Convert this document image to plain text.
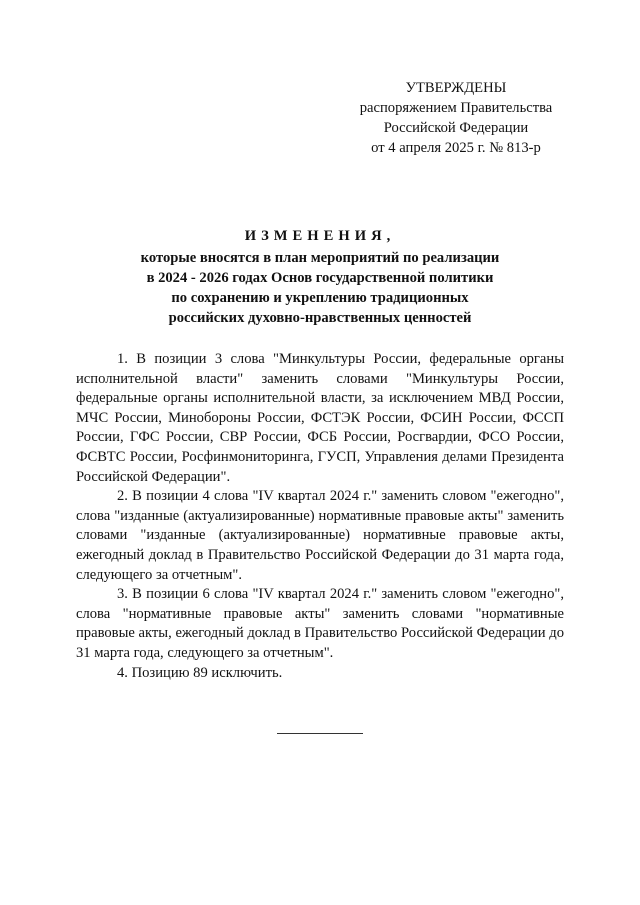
УТВЕРЖДЕНЫ
распоряжением Правительства
Российской Федерации
от 4 апреля 2025 г. № 813-р
ИЗМЕНЕНИЯ,
которые вносятся в план мероприятий по реализации
в 2024 - 2026 годах Основ государственной политики
по сохранению и укреплению традиционных
российских духовно-нравственных ценностей

1. В позиции 3 слова "Минкультуры России, федеральные органы исполнительной власти" заменить словами "Минкультуры России, федеральные органы исполнительной власти, за исключением МВД России, МЧС России, Минобороны России, ФСТЭК России, ФСИН России, ФССП России, ГФС России, СВР России, ФСБ России, Росгвардии, ФСО России, ФСВТС России, Росфинмониторинга, ГУСП, Управления делами Президента Российской Федерации".

2. В позиции 4 слова "IV квартал 2024 г." заменить словом "ежегодно", слова "изданные (актуализированные) нормативные правовые акты" заменить словами "изданные (актуализированные) нормативные правовые акты, ежегодный доклад в Правительство Российской Федерации до 31 марта года, следующего за отчетным".

3. В позиции 6 слова "IV квартал 2024 г." заменить словом "ежегодно", слова "нормативные правовые акты" заменить словами "нормативные правовые акты, ежегодный доклад в Правительство Российской Федерации до 31 марта года, следующего за отчетным".

4. Позицию 89 исключить.
